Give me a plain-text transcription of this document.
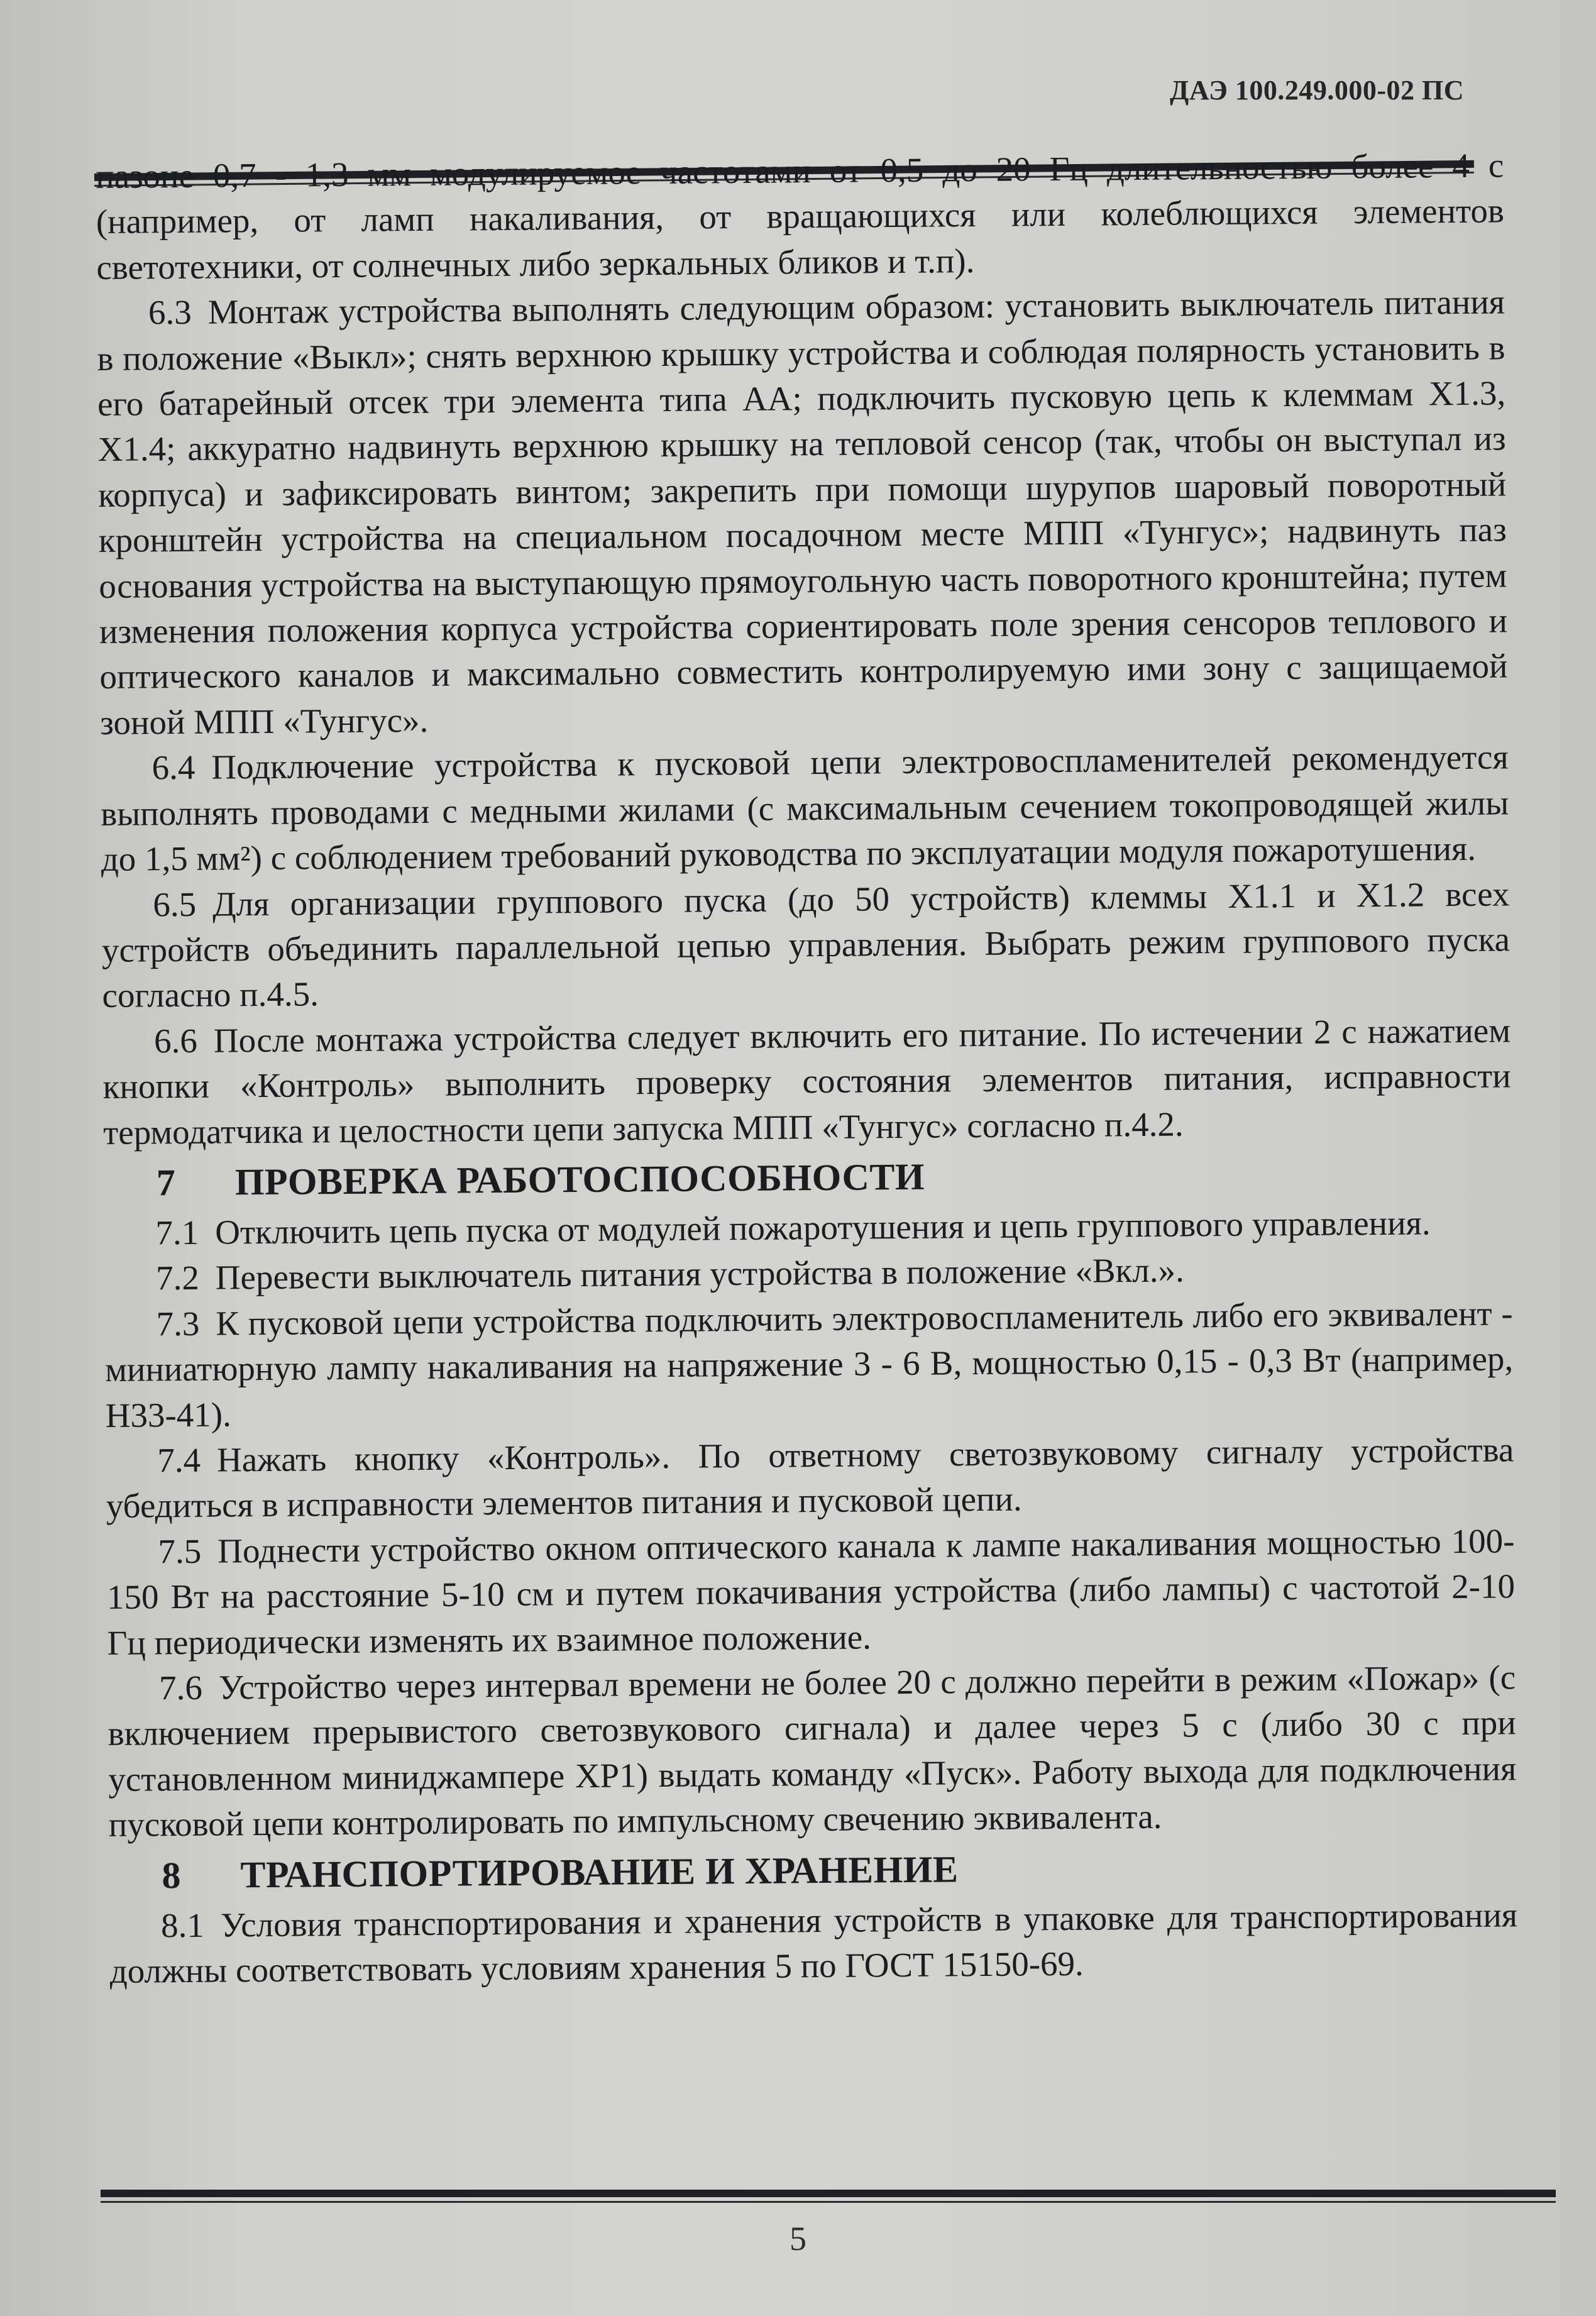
ДАЭ 100.249.000-02 ПС

пазоне 0,7 - 1,3 мм модулируемое частотами от 0,5 до 20 Гц длительностью более 4 с (например, от ламп накаливания, от вращающихся или колеблющихся элементов светотехники, от солнечных либо зеркальных бликов и т.п).

6.3 Монтаж устройства выполнять следующим образом: установить выключатель питания в положение «Выкл»; снять верхнюю крышку устройства и соблюдая полярность установить в его батарейный отсек три элемента типа АА; подключить пусковую цепь к клеммам Х1.3, Х1.4; аккуратно надвинуть верхнюю крышку на тепловой сенсор (так, чтобы он выступал из корпуса) и зафиксировать винтом; закрепить при помощи шурупов шаровый поворотный кронштейн устройства на специальном посадочном месте МПП «Тунгус»; надвинуть паз основания устройства на выступающую прямоугольную часть поворотного кронштейна; путем изменения положения корпуса устройства сориентировать поле зрения сенсоров теплового и оптического каналов и максимально совместить контролируемую ими зону с защищаемой зоной МПП «Тунгус».

6.4 Подключение устройства к пусковой цепи электровоспламенителей рекомендуется выполнять проводами с медными жилами (с максимальным сечением токопроводящей жилы до 1,5 мм²) с соблюдением требований руководства по эксплуатации модуля пожаротушения.

6.5 Для организации группового пуска (до 50 устройств) клеммы Х1.1 и Х1.2 всех устройств объединить параллельной цепью управления. Выбрать режим группового пуска согласно п.4.5.

6.6 После монтажа устройства следует включить его питание. По истечении 2 с нажатием кнопки «Контроль» выполнить проверку состояния элементов питания, исправности термодатчика и целостности цепи запуска МПП «Тунгус» согласно п.4.2.

7 ПРОВЕРКА РАБОТОСПОСОБНОСТИ

7.1 Отключить цепь пуска от модулей пожаротушения и цепь группового управления.

7.2 Перевести выключатель питания устройства в положение «Вкл.».

7.3 К пусковой цепи устройства подключить электровоспламенитель либо его эквивалент - миниатюрную лампу накаливания на напряжение 3 - 6 В, мощностью 0,15 - 0,3 Вт (например, Н33-41).

7.4 Нажать кнопку «Контроль». По ответному светозвуковому сигналу устройства убедиться в исправности элементов питания и пусковой цепи.

7.5 Поднести устройство окном оптического канала к лампе накаливания мощностью 100-150 Вт на расстояние 5-10 см и путем покачивания устройства (либо лампы) с частотой 2-10 Гц периодически изменять их взаимное положение.

7.6 Устройство через интервал времени не более 20 с должно перейти в режим «Пожар» (с включением прерывистого светозвукового сигнала) и далее через 5 с (либо 30 с при установленном миниджампере ХР1) выдать команду «Пуск». Работу выхода для подключения пусковой цепи контролировать по импульсному свечению эквивалента.

8 ТРАНСПОРТИРОВАНИЕ И ХРАНЕНИЕ

8.1 Условия транспортирования и хранения устройств в упаковке для транспортирования должны соответствовать условиям хранения 5 по ГОСТ 15150-69.

5
